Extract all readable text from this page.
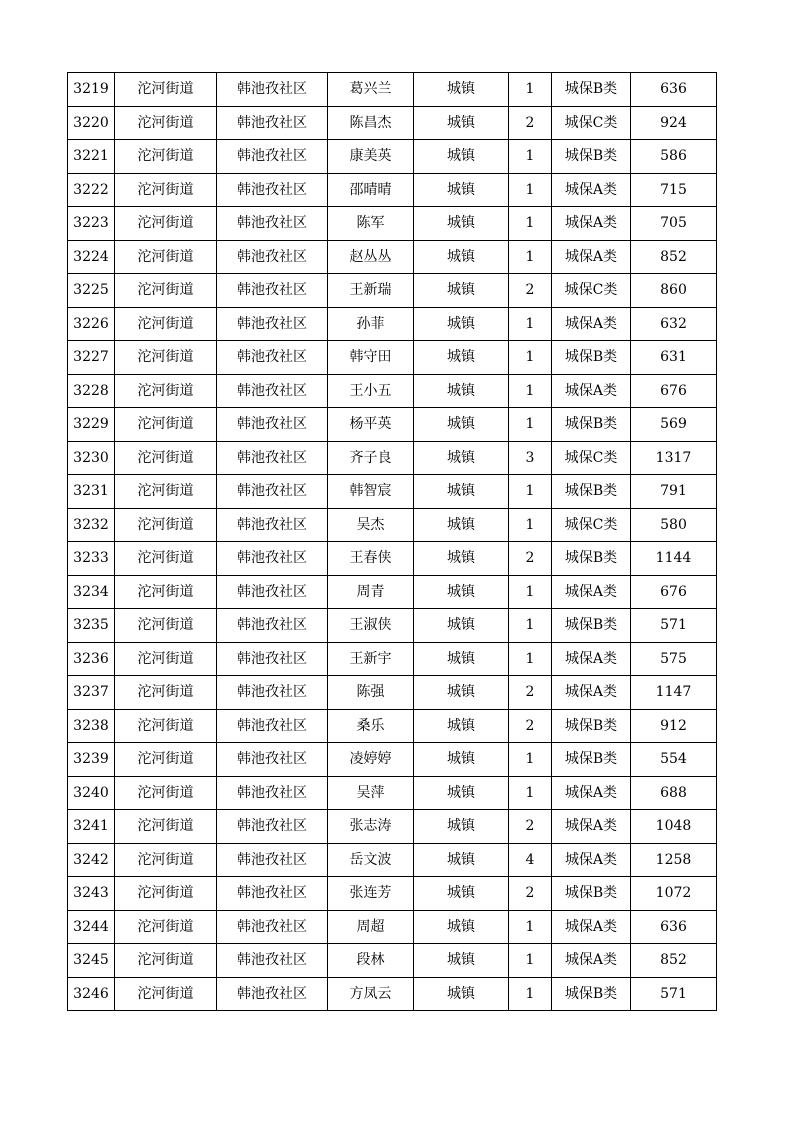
3219	沱河街道	韩池孜社区	葛兴兰	城镇	1	城保B类	636
3220	沱河街道	韩池孜社区	陈昌杰	城镇	2	城保C类	924
3221	沱河街道	韩池孜社区	康美英	城镇	1	城保B类	586
3222	沱河街道	韩池孜社区	邵晴晴	城镇	1	城保A类	715
3223	沱河街道	韩池孜社区	陈军	城镇	1	城保A类	705
3224	沱河街道	韩池孜社区	赵丛丛	城镇	1	城保A类	852
3225	沱河街道	韩池孜社区	王新瑞	城镇	2	城保C类	860
3226	沱河街道	韩池孜社区	孙菲	城镇	1	城保A类	632
3227	沱河街道	韩池孜社区	韩守田	城镇	1	城保B类	631
3228	沱河街道	韩池孜社区	王小五	城镇	1	城保A类	676
3229	沱河街道	韩池孜社区	杨平英	城镇	1	城保B类	569
3230	沱河街道	韩池孜社区	齐子良	城镇	3	城保C类	1317
3231	沱河街道	韩池孜社区	韩智宸	城镇	1	城保B类	791
3232	沱河街道	韩池孜社区	吴杰	城镇	1	城保C类	580
3233	沱河街道	韩池孜社区	王春侠	城镇	2	城保B类	1144
3234	沱河街道	韩池孜社区	周青	城镇	1	城保A类	676
3235	沱河街道	韩池孜社区	王淑侠	城镇	1	城保B类	571
3236	沱河街道	韩池孜社区	王新宇	城镇	1	城保A类	575
3237	沱河街道	韩池孜社区	陈强	城镇	2	城保A类	1147
3238	沱河街道	韩池孜社区	桑乐	城镇	2	城保B类	912
3239	沱河街道	韩池孜社区	凌婷婷	城镇	1	城保B类	554
3240	沱河街道	韩池孜社区	吴萍	城镇	1	城保A类	688
3241	沱河街道	韩池孜社区	张志涛	城镇	2	城保A类	1048
3242	沱河街道	韩池孜社区	岳文波	城镇	4	城保A类	1258
3243	沱河街道	韩池孜社区	张连芳	城镇	2	城保B类	1072
3244	沱河街道	韩池孜社区	周超	城镇	1	城保A类	636
3245	沱河街道	韩池孜社区	段林	城镇	1	城保A类	852
3246	沱河街道	韩池孜社区	方凤云	城镇	1	城保B类	571
